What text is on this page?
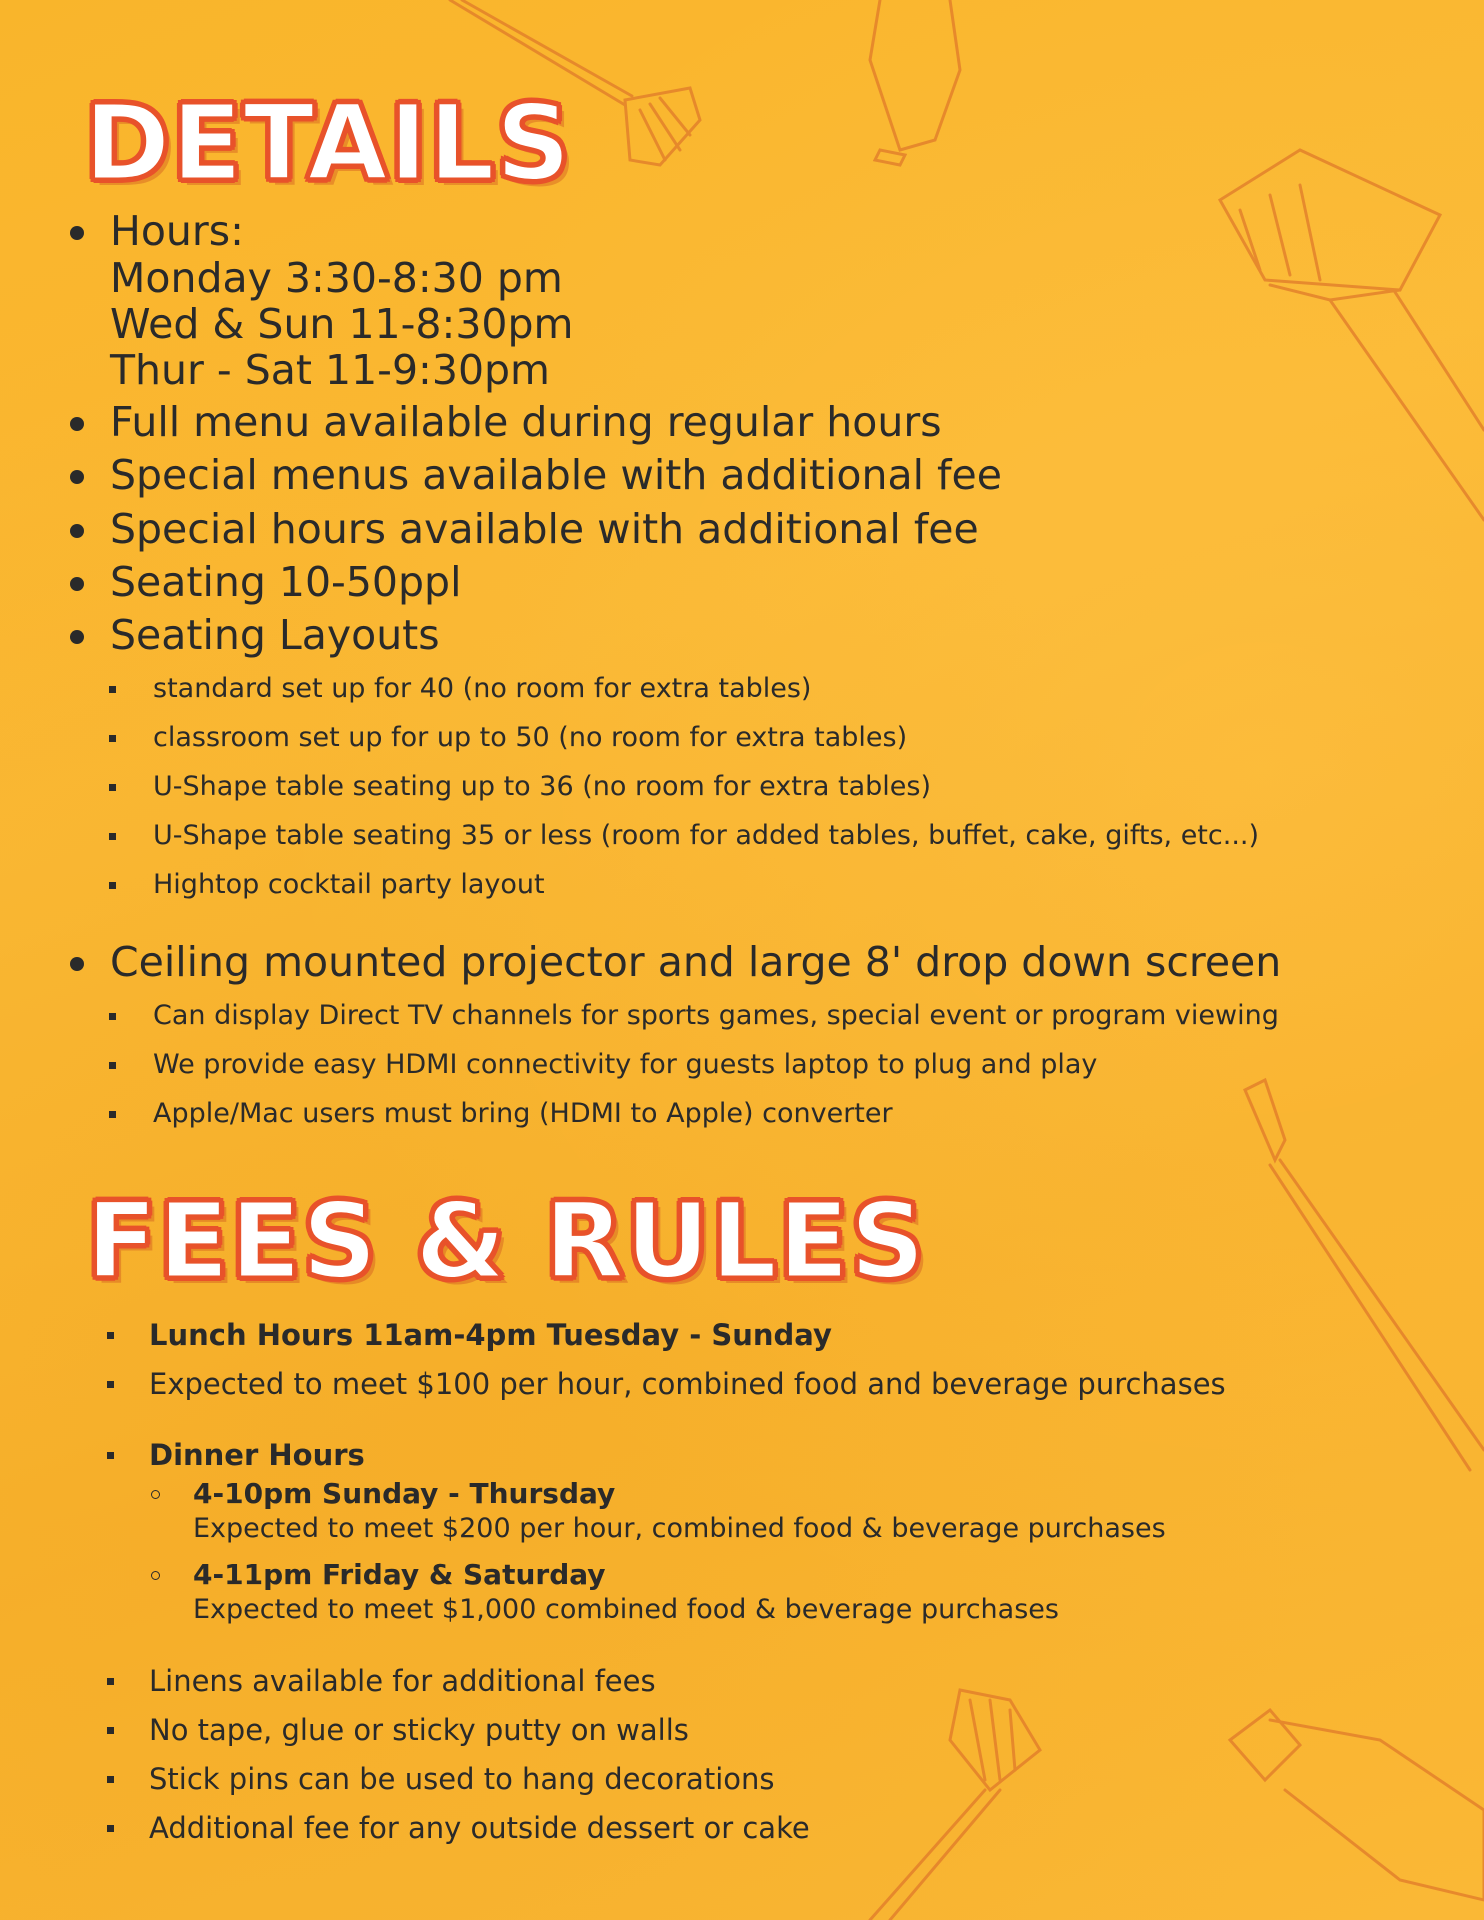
DETAILS
Hours:
Monday 3:30-8:30 pm
Wed & Sun 11-8:30pm
Thur - Sat 11-9:30pm
Full menu available during regular hours
Special menus available with additional fee
Special hours available with additional fee
Seating 10-50ppl
Seating Layouts
standard set up for 40 (no room for extra tables)
classroom set up for up to 50 (no room for extra tables)
U-Shape table seating up to 36 (no room for extra tables)
U-Shape table seating 35 or less (room for added tables, buffet, cake, gifts, etc...)
Hightop cocktail party layout
Ceiling mounted projector and large 8' drop down screen
Can display Direct TV channels for sports games, special event or program viewing
We provide easy HDMI connectivity for guests laptop to plug and play
Apple/Mac users must bring (HDMI to Apple) converter
FEES & RULES
Lunch Hours 11am-4pm Tuesday - Sunday
Expected to meet $100 per hour, combined food and beverage purchases
Dinner Hours
4-10pm Sunday - Thursday
Expected to meet $200 per hour, combined food & beverage purchases
4-11pm Friday & Saturday
Expected to meet $1,000 combined food & beverage purchases
Linens available for additional fees
No tape, glue or sticky putty on walls
Stick pins can be used to hang decorations
Additional fee for any outside dessert or cake
